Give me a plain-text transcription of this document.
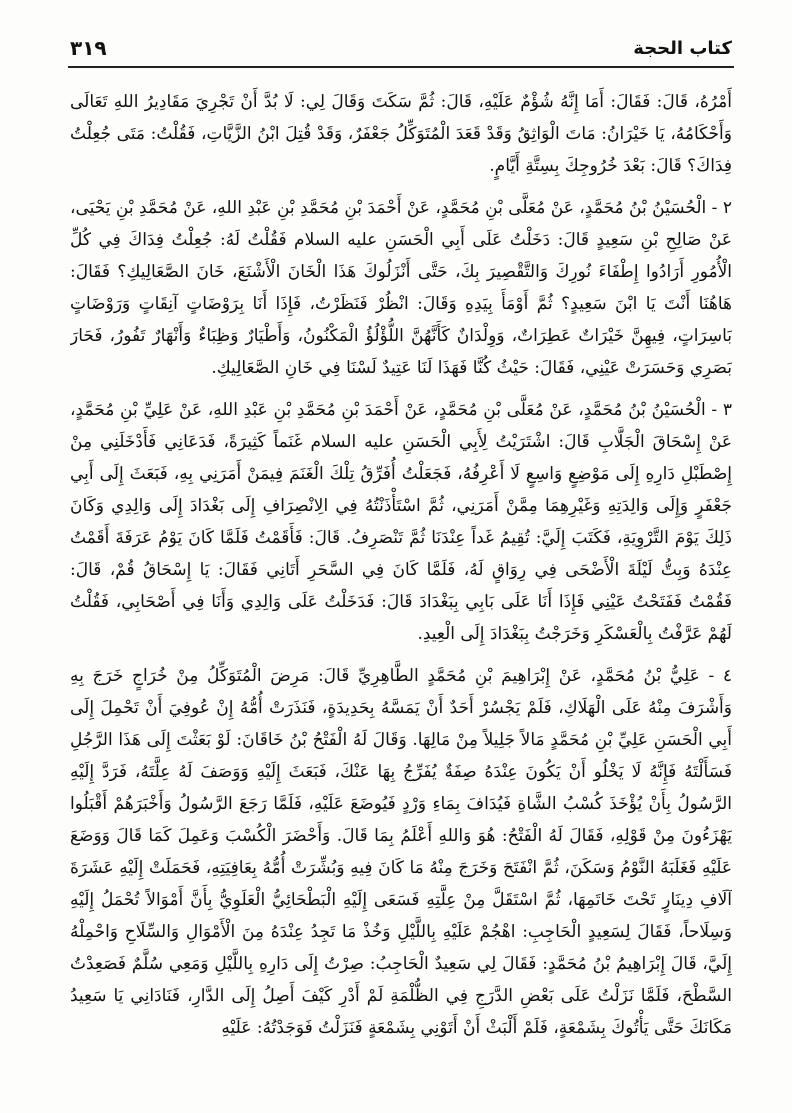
كتاب الحجة
٣١٩

أَمْرُهُ، قَالَ: فَقَالَ: أَمَا إِنَّهُ شُؤْمٌ عَلَيْهِ، قَالَ: ثُمَّ سَكَتَ وَقَالَ لِي: لَا بُدَّ أَنْ تَجْرِيَ مَقَادِيرُ اللهِ تَعَالَى وَأَحْكَامُهُ، يَا خَيْرَانُ: مَاتَ الْوَاثِقُ وَقَدْ قَعَدَ الْمُتَوَكِّلُ جَعْفَرٌ، وَقَدْ قُتِلَ ابْنُ الزَّيَّاتِ، فَقُلْتُ: مَتَى جُعِلْتُ فِدَاكَ؟ قَالَ: بَعْدَ خُرُوجِكَ بِسِتَّةِ أَيَّامٍ.

٢ - الْحُسَيْنُ بْنُ مُحَمَّدٍ، عَنْ مُعَلَّى بْنِ مُحَمَّدٍ، عَنْ أَحْمَدَ بْنِ مُحَمَّدِ بْنِ عَبْدِ اللهِ، عَنْ مُحَمَّدِ بْنِ يَحْيَى، عَنْ صَالِحِ بْنِ سَعِيدٍ قَالَ: دَخَلْتُ عَلَى أَبِي الْحَسَنِ عليه السلام فَقُلْتُ لَهُ: جُعِلْتُ فِدَاكَ فِي كُلِّ الْأُمُورِ أَرَادُوا إِطْفَاءَ نُورِكَ وَالتَّقْصِيرَ بِكَ، حَتَّى أَنْزَلُوكَ هَذَا الْخَانَ الْأَشْنَعَ، خَانَ الصَّعَالِيكِ؟ فَقَالَ: هَاهُنَا أَنْتَ يَا ابْنَ سَعِيدٍ؟ ثُمَّ أَوْمَأَ بِيَدِهِ وَقَالَ: انْظُرْ فَنَظَرْتُ، فَإِذَا أَنَا بِرَوْضَاتٍ آنِقَاتٍ وَرَوْضَاتٍ بَاسِرَاتٍ، فِيهِنَّ خَيْرَاتٌ عَطِرَاتٌ، وَوِلْدَانٌ كَأَنَّهُنَّ اللُّؤْلُؤُ الْمَكْنُونُ، وَأَطْيَارٌ وَظِبَاءٌ وَأَنْهَارٌ تَفُورُ، فَحَارَ بَصَرِي وَحَسَرَتْ عَيْنِي، فَقَالَ: حَيْثُ كُنَّا فَهَذَا لَنَا عَتِيدٌ لَسْنَا فِي خَانِ الصَّعَالِيكِ.

٣ - الْحُسَيْنُ بْنُ مُحَمَّدٍ، عَنْ مُعَلَّى بْنِ مُحَمَّدٍ، عَنْ أَحْمَدَ بْنِ مُحَمَّدِ بْنِ عَبْدِ اللهِ، عَنْ عَلِيِّ بْنِ مُحَمَّدٍ، عَنْ إِسْحَاقَ الْجَلَّابِ قَالَ: اشْتَرَيْتُ لِأَبِي الْحَسَنِ عليه السلام غَنَماً كَثِيرَةً، فَدَعَانِي فَأَدْخَلَنِي مِنْ إِصْطَبْلِ دَارِهِ إِلَى مَوْضِعٍ وَاسِعٍ لَا أَعْرِفُهُ، فَجَعَلْتُ أُفَرِّقُ تِلْكَ الْغَنَمَ فِيمَنْ أَمَرَنِي بِهِ، فَبَعَثَ إِلَى أَبِي جَعْفَرٍ وَإِلَى وَالِدَتِهِ وَغَيْرِهِمَا مِمَّنْ أَمَرَنِي، ثُمَّ اسْتَأْذَنْتُهُ فِي الِانْصِرَافِ إِلَى بَغْدَادَ إِلَى وَالِدِي وَكَانَ ذَلِكَ يَوْمَ التَّرْوِيَةِ، فَكَتَبَ إِلَيَّ: تُقِيمُ غَداً عِنْدَنَا ثُمَّ تَنْصَرِفُ. قَالَ: فَأَقَمْتُ فَلَمَّا كَانَ يَوْمُ عَرَفَةَ أَقَمْتُ عِنْدَهُ وَبِتُّ لَيْلَةَ الْأَضْحَى فِي رِوَاقٍ لَهُ، فَلَمَّا كَانَ فِي السَّحَرِ أَتَانِي فَقَالَ: يَا إِسْحَاقُ قُمْ، قَالَ: فَقُمْتُ فَفَتَحْتُ عَيْنِي فَإِذَا أَنَا عَلَى بَابِي بِبَغْدَادَ قَالَ: فَدَخَلْتُ عَلَى وَالِدِي وَأَنَا فِي أَصْحَابِي، فَقُلْتُ لَهُمْ عَرَّفْتُ بِالْعَسْكَرِ وَخَرَجْتُ بِبَغْدَادَ إِلَى الْعِيدِ.

٤ - عَلِيُّ بْنُ مُحَمَّدٍ، عَنْ إِبْرَاهِيمَ بْنِ مُحَمَّدٍ الطَّاهِرِيِّ قَالَ: مَرِضَ الْمُتَوَكِّلُ مِنْ خُرَاجٍ خَرَجَ بِهِ وَأَشْرَفَ مِنْهُ عَلَى الْهَلَاكِ، فَلَمْ يَجْسُرْ أَحَدٌ أَنْ يَمَسَّهُ بِحَدِيدَةٍ، فَنَذَرَتْ أُمُّهُ إِنْ عُوفِيَ أَنْ تَحْمِلَ إِلَى أَبِي الْحَسَنِ عَلِيِّ بْنِ مُحَمَّدٍ مَالاً جَلِيلاً مِنْ مَالِهَا. وَقَالَ لَهُ الْفَتْحُ بْنُ خَاقَانَ: لَوْ بَعَثْتَ إِلَى هَذَا الرَّجُلِ فَسَأَلْتَهُ فَإِنَّهُ لَا يَخْلُو أَنْ يَكُونَ عِنْدَهُ صِفَةٌ يُفَرِّجُ بِهَا عَنْكَ، فَبَعَثَ إِلَيْهِ وَوَصَفَ لَهُ عِلَّتَهُ، فَرَدَّ إِلَيْهِ الرَّسُولُ بِأَنْ يُؤْخَذَ كُسْبُ الشَّاةِ فَيُدَافَ بِمَاءِ وَرْدٍ فَيُوضَعَ عَلَيْهِ، فَلَمَّا رَجَعَ الرَّسُولُ وَأَخْبَرَهُمْ أَقْبَلُوا يَهْزَءُونَ مِنْ قَوْلِهِ، فَقَالَ لَهُ الْفَتْحُ: هُوَ وَاللهِ أَعْلَمُ بِمَا قَالَ. وَأَحْضَرَ الْكُسْبَ وَعَمِلَ كَمَا قَالَ وَوَضَعَ عَلَيْهِ فَغَلَبَهُ النَّوْمُ وَسَكَنَ، ثُمَّ انْفَتَحَ وَخَرَجَ مِنْهُ مَا كَانَ فِيهِ وَبُشِّرَتْ أُمُّهُ بِعَافِيَتِهِ، فَحَمَلَتْ إِلَيْهِ عَشَرَةَ آلَافِ دِينَارٍ تَحْتَ خَاتَمِهَا، ثُمَّ اسْتَقَلَّ مِنْ عِلَّتِهِ فَسَعَى إِلَيْهِ الْبَطْحَائِيُّ الْعَلَوِيُّ بِأَنَّ أَمْوَالاً تُحْمَلُ إِلَيْهِ وَسِلَاحاً، فَقَالَ لِسَعِيدٍ الْحَاجِبِ: اهْجُمْ عَلَيْهِ بِاللَّيْلِ وَخُذْ مَا تَجِدُ عِنْدَهُ مِنَ الْأَمْوَالِ وَالسِّلَاحِ وَاحْمِلْهُ إِلَيَّ، قَالَ إِبْرَاهِيمُ بْنُ مُحَمَّدٍ: فَقَالَ لِي سَعِيدٌ الْحَاجِبُ: صِرْتُ إِلَى دَارِهِ بِاللَّيْلِ وَمَعِي سُلَّمٌ فَصَعِدْتُ السَّطْحَ، فَلَمَّا نَزَلْتُ عَلَى بَعْضِ الدَّرَجِ فِي الظُّلْمَةِ لَمْ أَدْرِ كَيْفَ أَصِلُ إِلَى الدَّارِ، فَنَادَانِي يَا سَعِيدُ مَكَانَكَ حَتَّى يَأْتُوكَ بِشَمْعَةٍ، فَلَمْ أَلْبَثْ أَنْ أَتَوْنِي بِشَمْعَةٍ فَنَزَلْتُ فَوَجَدْتُهُ: عَلَيْهِ
